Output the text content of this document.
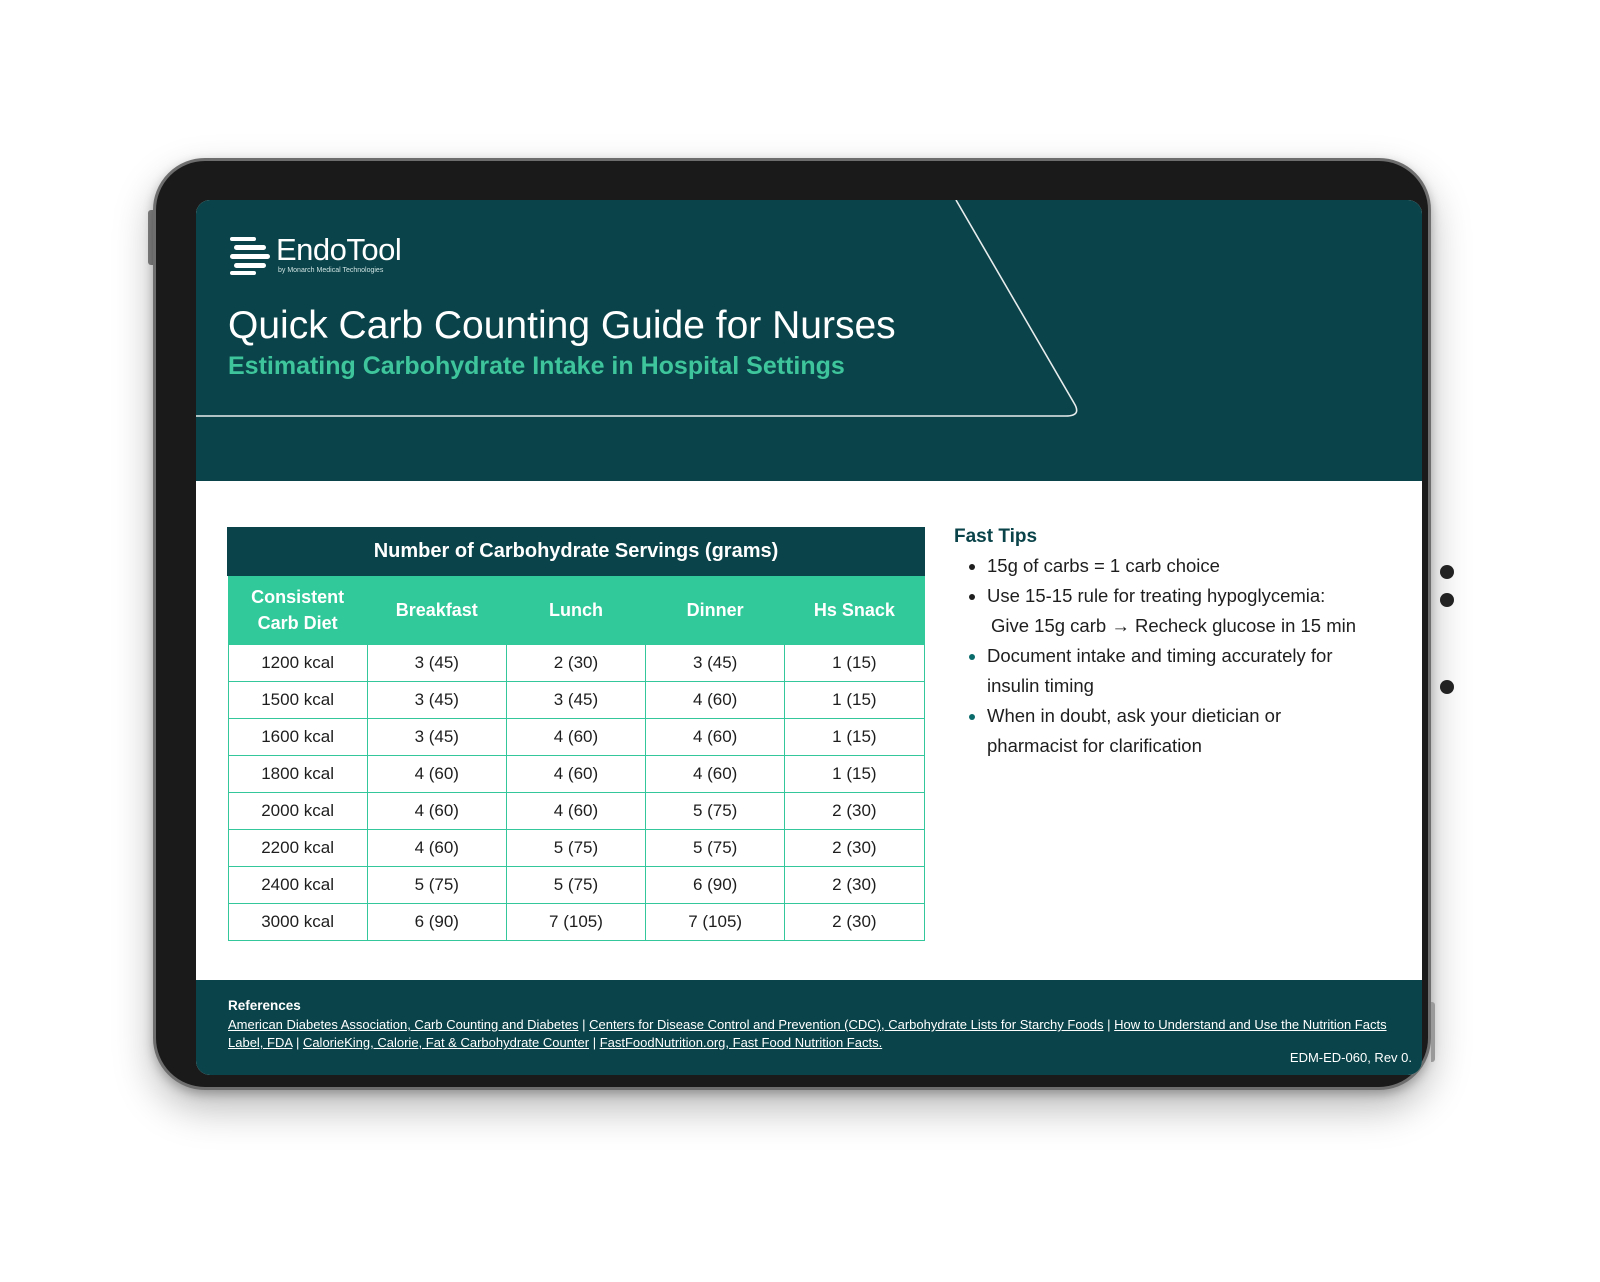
EndoTool
by Monarch Medical Technologies
Quick Carb Counting Guide for Nurses
Estimating Carbohydrate Intake in Hospital Settings
Number of Carbohydrate Servings (grams)				
Consistent Carb Diet	Breakfast	Lunch	Dinner	Hs Snack
1200 kcal	3 (45)	2 (30)	3 (45)	1 (15)
1500 kcal	3 (45)	3 (45)	4 (60)	1 (15)
1600 kcal	3 (45)	4 (60)	4 (60)	1 (15)
1800 kcal	4 (60)	4 (60)	4 (60)	1 (15)
2000 kcal	4 (60)	4 (60)	5 (75)	2 (30)
2200 kcal	4 (60)	5 (75)	5 (75)	2 (30)
2400 kcal	5 (75)	5 (75)	6 (90)	2 (30)
3000 kcal	6 (90)	7 (105)	7 (105)	2 (30)
Fast Tips
• 15g of carbs = 1 carb choice
• Use 15-15 rule for treating hypoglycemia:
Give 15g carb → Recheck glucose in 15 min
• Document intake and timing accurately for
insulin timing
• When in doubt, ask your dietician or
pharmacist for clarification
References
American Diabetes Association, Carb Counting and Diabetes | Centers for Disease Control and Prevention (CDC), Carbohydrate Lists for Starchy Foods | How to Understand and Use the Nutrition Facts Label, FDA | CalorieKing, Calorie, Fat & Carbohydrate Counter | FastFoodNutrition.org, Fast Food Nutrition Facts.
EDM-ED-060, Rev 0.
